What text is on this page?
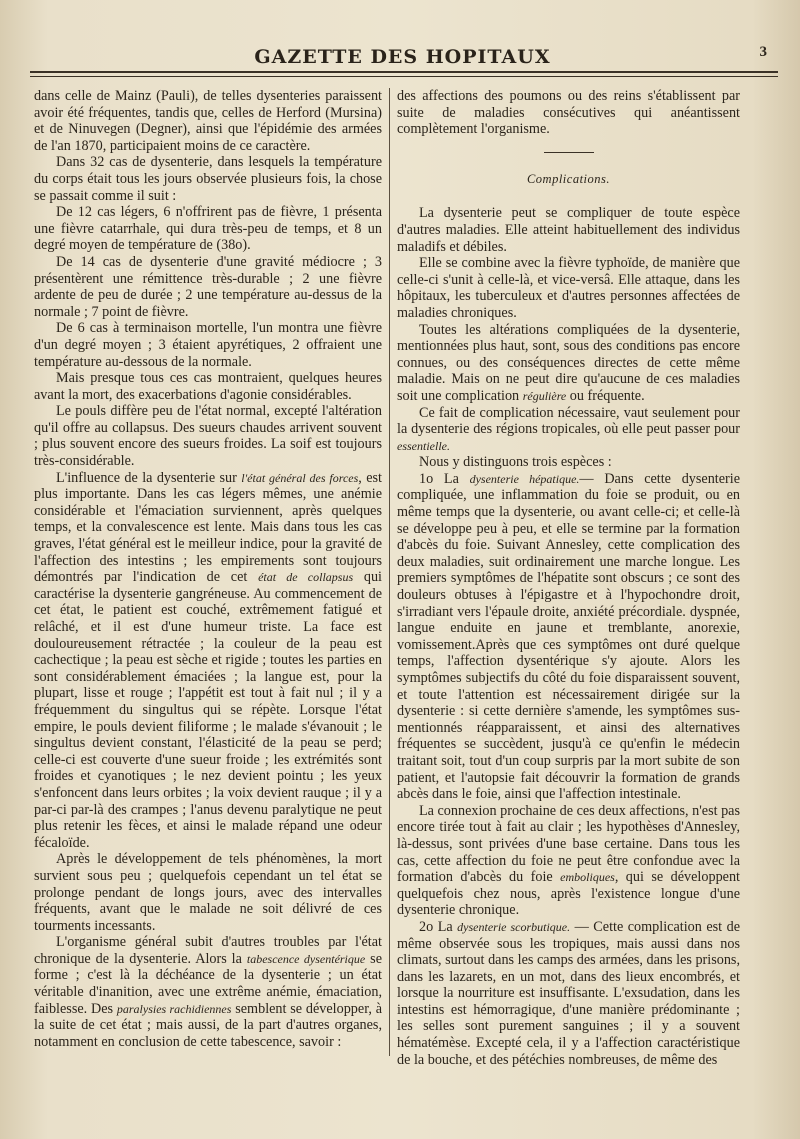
GAZETTE DES HOPITAUX	3

dans celle de Mainz (Pauli), de telles dysenteries paraissent avoir été fréquentes, tandis que, celles de Herford (Mursina) et de Ninuvegen (Degner), ainsi que l'épidémie des armées de l'an 1870, participaient moins de ce caractère.

Dans 32 cas de dysenterie, dans lesquels la température du corps était tous les jours observée plusieurs fois, la chose se passait comme il suit :

De 12 cas légers, 6 n'offrirent pas de fièvre, 1 présenta une fièvre catarrhale, qui dura très-peu de temps, et 8 un degré moyen de température de (38o).

De 14 cas de dysenterie d'une gravité médiocre ; 3 présentèrent une rémittence très-durable ; 2 une fièvre ardente de peu de durée ; 2 une température au-dessus de la normale ; 7 point de fièvre.

De 6 cas à terminaison mortelle, l'un montra une fièvre d'un degré moyen ; 3 étaient apyrétiques, 2 offraient une température au-dessous de la normale.

Mais presque tous ces cas montraient, quelques heures avant la mort, des exacerbations d'agonie considérables.

Le pouls diffère peu de l'état normal, excepté l'altération qu'il offre au collapsus. Des sueurs chaudes arrivent souvent ; plus souvent encore des sueurs froides. La soif est toujours très-considérable.

L'influence de la dysenterie sur l'état général des forces, est plus importante. Dans les cas légers mêmes, une anémie considérable et l'émaciation surviennent, après quelques temps, et la convalescence est lente. Mais dans tous les cas graves, l'état général est le meilleur indice, pour la gravité de l'affection des intestins ; les empirements sont toujours démontrés par l'indication de cet état de collapsus qui caractérise la dysenterie gangréneuse. Au commencement de cet état, le patient est couché, extrêmement fatigué et relâché, et il est d'une humeur triste. La face est douloureusement rétractée ; la couleur de la peau est cachectique ; la peau est sèche et rigide ; toutes les parties en sont considérablement émaciées ; la langue est, pour la plupart, lisse et rouge ; l'appétit est tout à fait nul ; il y a fréquemment du singultus qui se répète. Lorsque l'état empire, le pouls devient filiforme ; le malade s'évanouit ; le singultus devient constant, l'élasticité de la peau se perd; celle-ci est couverte d'une sueur froide ; les extrémités sont froides et cyanotiques ; le nez devient pointu ; les yeux s'enfoncent dans leurs orbites ; la voix devient rauque ; il y a par-ci par-là des crampes ; l'anus devenu paralytique ne peut plus retenir les fèces, et ainsi le malade répand une odeur fécaloïde.

Après le développement de tels phénomènes, la mort survient sous peu ; quelquefois cependant un tel état se prolonge pendant de longs jours, avec des intervalles fréquents, avant que le malade ne soit délivré de ces tourments incessants.

L'organisme général subit d'autres troubles par l'état chronique de la dysenterie. Alors la tabescence dysentérique se forme ; c'est là la déchéance de la dysenterie ; un état véritable d'inanition, avec une extrême anémie, émaciation, faiblesse. Des paralysies rachidiennes semblent se développer, à la suite de cet état ; mais aussi, de la part d'autres organes, notamment en conclusion de cette tabescence, savoir :

des affections des poumons ou des reins s'établissent par suite de maladies consécutives qui anéantissent complètement l'organisme.

Complications.

La dysenterie peut se compliquer de toute espèce d'autres maladies. Elle atteint habituellement des individus maladifs et débiles.

Elle se combine avec la fièvre typhoïde, de manière que celle-ci s'unit à celle-là, et vice-versâ. Elle attaque, dans les hôpitaux, les tuberculeux et d'autres personnes affectées de maladies chroniques.

Toutes les altérations compliquées de la dysenterie, mentionnées plus haut, sont, sous des conditions pas encore connues, ou des conséquences directes de cette même maladie. Mais on ne peut dire qu'aucune de ces maladies soit une complication régulière ou fréquente.

Ce fait de complication nécessaire, vaut seulement pour la dysenterie des régions tropicales, où elle peut passer pour essentielle.

Nous y distinguons trois espèces :

1o La dysenterie hépatique.— Dans cette dysenterie compliquée, une inflammation du foie se produit, ou en même temps que la dysenterie, ou avant celle-ci; et celle-là se développe peu à peu, et elle se termine par la formation d'abcès du foie. Suivant Annesley, cette complication des deux maladies, suit ordinairement une marche longue. Les premiers symptômes de l'hépatite sont obscurs ; ce sont des douleurs obtuses à l'épigastre et à l'hypochondre droit, s'irradiant vers l'épaule droite, anxiété précordiale. dyspnée, langue enduite en jaune et tremblante, anorexie, vomissement.Après que ces symptômes ont duré quelque temps, l'affection dysentérique s'y ajoute. Alors les symptômes subjectifs du côté du foie disparaissent souvent, et toute l'attention est nécessairement dirigée sur la dysenterie : si cette dernière s'amende, les symptômes sus-mentionnés réapparaissent, et ainsi des alternatives fréquentes se succèdent, jusqu'à ce qu'enfin le médecin traitant soit, tout d'un coup surpris par la mort subite de son patient, et l'autopsie fait découvrir la formation de grands abcès dans le foie, ainsi que l'affection intestinale.

La connexion prochaine de ces deux affections, n'est pas encore tirée tout à fait au clair ; les hypothèses d'Annesley, là-dessus, sont privées d'une base certaine. Dans tous les cas, cette affection du foie ne peut être confondue avec la formation d'abcès du foie emboliques, qui se développent quelquefois chez nous, après l'existence longue d'une dysenterie chronique.

2o La dysenterie scorbutique. — Cette complication est de même observée sous les tropiques, mais aussi dans nos climats, surtout dans les camps des armées, dans les prisons, dans les lazarets, en un mot, dans des lieux encombrés, et lorsque la nourriture est insuffisante. L'exsudation, dans les intestins est hémorragique, d'une manière prédominante ; les selles sont purement sanguines ; il y a souvent hématémèse. Excepté cela, il y a l'affection caractéristique de la bouche, et des pétéchies nombreuses, de même des
